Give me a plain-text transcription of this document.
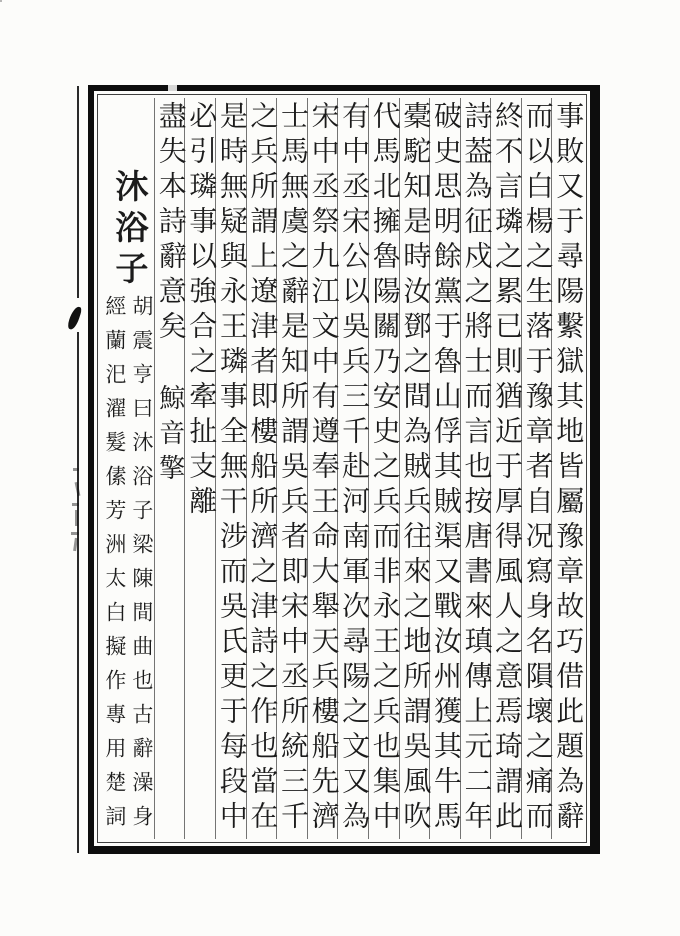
事敗又于尋陽繫獄其地皆屬豫章故巧借此題為辭
而以白楊之生落于豫章者自况寫身名隕壞之痛而
終不言璘之累已則猶近于厚得風人之意焉琦謂此
詩葢為征戍之將士而言也按唐書來瑱傳上元二年
破史思明餘黨于魯山俘其賊渠又戰汝州獲其牛馬
橐駝知是時汝鄧之間為賊兵往來之地所謂吳風吹
代馬北擁魯陽關乃安史之兵而非永王之兵也集中
有中丞宋公以吳兵三千赴河南軍次尋陽之文又為
宋中丞祭九江文中有遵奉王命大舉天兵樓船先濟
士馬無虞之辭是知所謂吳兵者即宋中丞所統三千
之兵所謂上遼津者即樓船所濟之津詩之作也當在
是時無疑與永王璘事全無干涉而吳氏更于每段中
必引璘事以強合之牽扯支離
盡失本詩辭意矣
鯨音擎
沐浴子
胡震亨曰沐浴子梁陳間曲也古辭澡身
經蘭汜濯髮傃芳洲太白擬作專用楚詞
